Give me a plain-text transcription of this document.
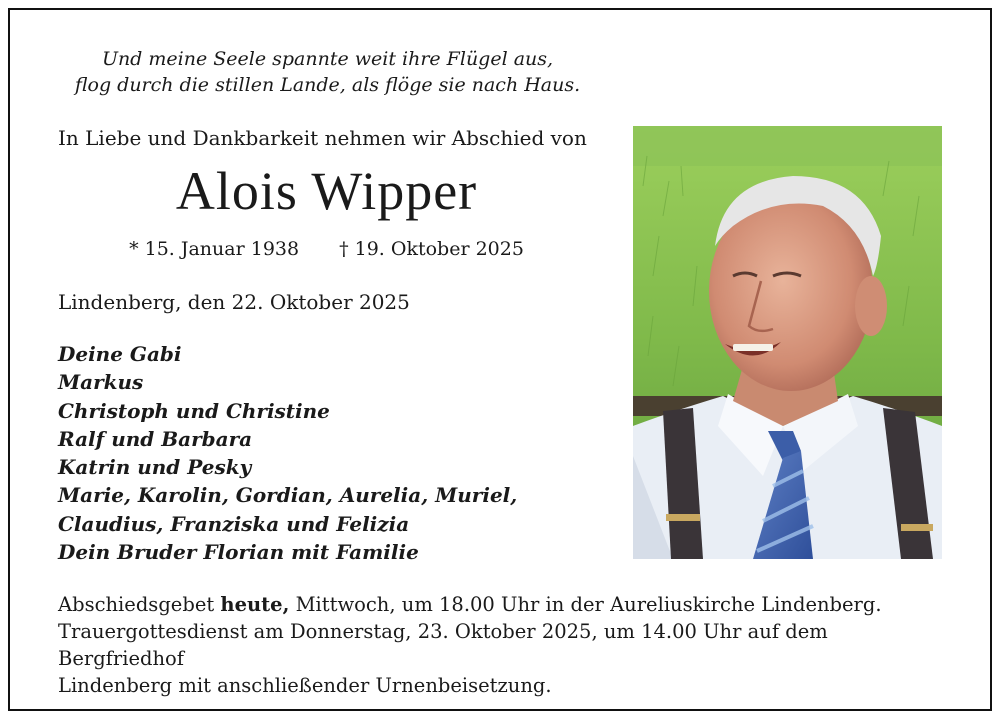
Und meine Seele spannte weit ihre Flügel aus,
flog durch die stillen Lande, als flöge sie nach Haus.
In Liebe und Dankbarkeit nehmen wir Abschied von
Alois Wipper
* 15. Januar 1938 † 19. Oktober 2025
Lindenberg, den 22. Oktober 2025
Deine Gabi
Markus
Christoph und Christine
Ralf und Barbara
Katrin und Pesky
Marie, Karolin, Gordian, Aurelia, Muriel,
Claudius, Franziska und Felizia
Dein Bruder Florian mit Familie

Abschiedsgebet heute, Mittwoch, um 18.00 Uhr in der Aureliuskirche Lindenberg.

Trauergottesdienst am Donnerstag, 23. Oktober 2025, um 14.00 Uhr auf dem Bergfriedhof

Lindenberg mit anschließender Urnenbeisetzung.
